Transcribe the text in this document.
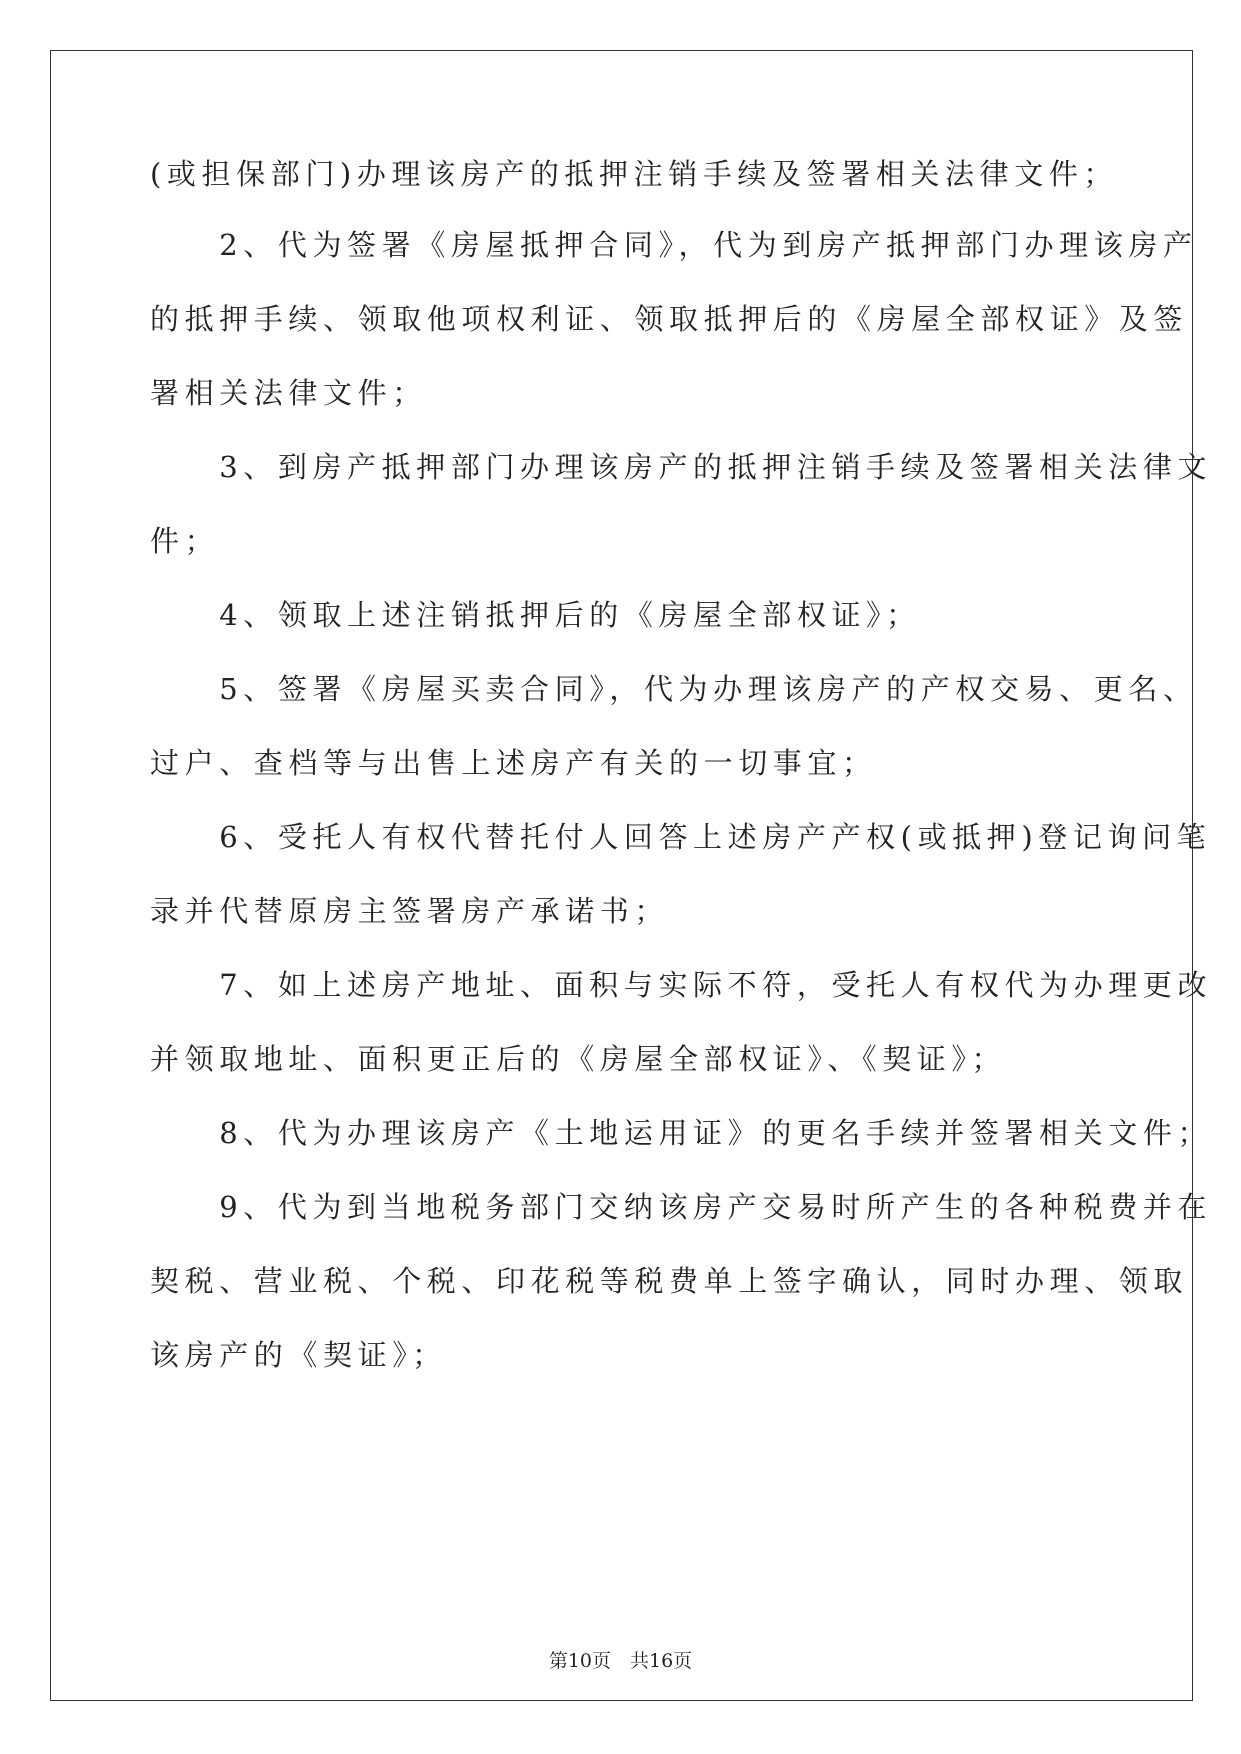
(或担保部门)办理该房产的抵押注销手续及签署相关法律文件；
　　2、代为签署《房屋抵押合同》，代为到房产抵押部门办理该房产
的抵押手续、领取他项权利证、领取抵押后的《房屋全部权证》及签
署相关法律文件；
　　3、到房产抵押部门办理该房产的抵押注销手续及签署相关法律文
件；
　　4、领取上述注销抵押后的《房屋全部权证》；
　　5、签署《房屋买卖合同》，代为办理该房产的产权交易、更名、
过户、查档等与出售上述房产有关的一切事宜；
　　6、受托人有权代替托付人回答上述房产产权(或抵押)登记询问笔
录并代替原房主签署房产承诺书；
　　7、如上述房产地址、面积与实际不符，受托人有权代为办理更改
并领取地址、面积更正后的《房屋全部权证》、《契证》；
　　8、代为办理该房产《土地运用证》的更名手续并签署相关文件；
　　9、代为到当地税务部门交纳该房产交易时所产生的各种税费并在
契税、营业税、个税、印花税等税费单上签字确认，同时办理、领取
该房产的《契证》；
第10页　共16页
